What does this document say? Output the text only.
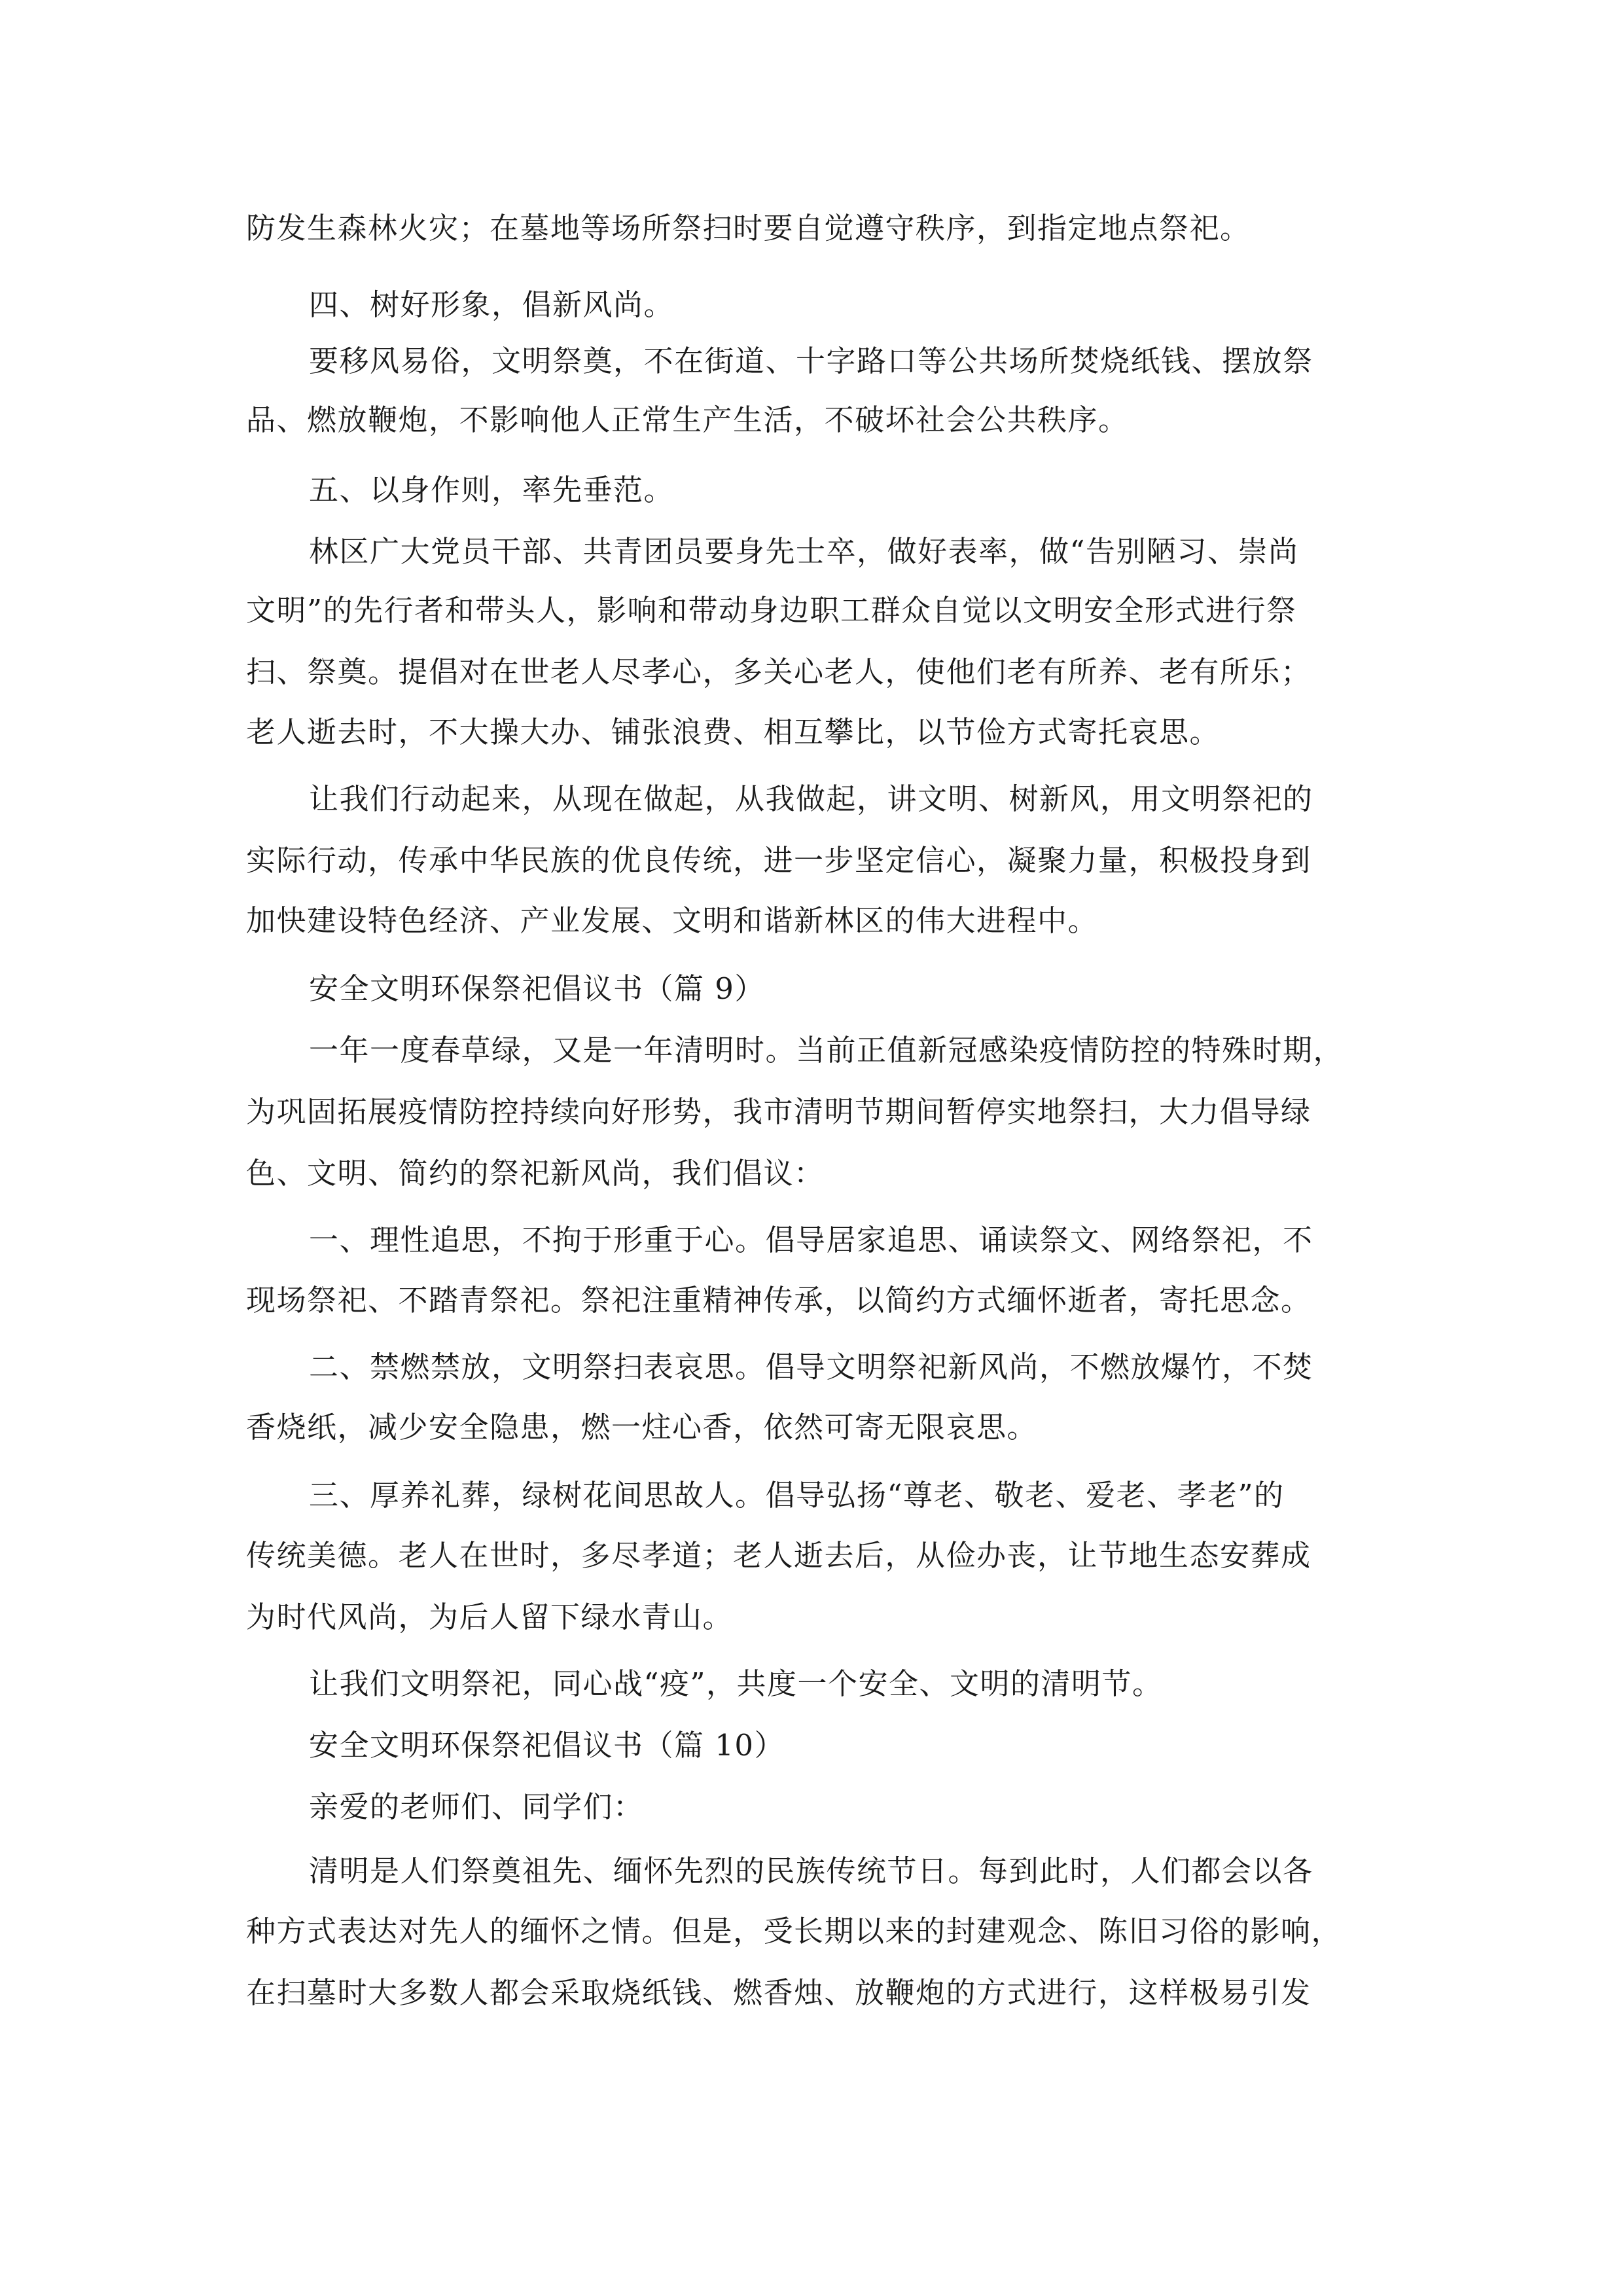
防发生森林火灾；在墓地等场所祭扫时要自觉遵守秩序，到指定地点祭祀。
四、树好形象，倡新风尚。
要移风易俗，文明祭奠，不在街道、十字路口等公共场所焚烧纸钱、摆放祭
品、燃放鞭炮，不影响他人正常生产生活，不破坏社会公共秩序。
五、以身作则，率先垂范。
林区广大党员干部、共青团员要身先士卒，做好表率，做“告别陋习、崇尚
文明”的先行者和带头人，影响和带动身边职工群众自觉以文明安全形式进行祭
扫、祭奠。提倡对在世老人尽孝心，多关心老人，使他们老有所养、老有所乐；
老人逝去时，不大操大办、铺张浪费、相互攀比，以节俭方式寄托哀思。
让我们行动起来，从现在做起，从我做起，讲文明、树新风，用文明祭祀的
实际行动，传承中华民族的优良传统，进一步坚定信心，凝聚力量，积极投身到
加快建设特色经济、产业发展、文明和谐新林区的伟大进程中。
安全文明环保祭祀倡议书（篇 9）
一年一度春草绿，又是一年清明时。当前正值新冠感染疫情防控的特殊时期，
为巩固拓展疫情防控持续向好形势，我市清明节期间暂停实地祭扫，大力倡导绿
色、文明、简约的祭祀新风尚，我们倡议：
一、理性追思，不拘于形重于心。倡导居家追思、诵读祭文、网络祭祀，不
现场祭祀、不踏青祭祀。祭祀注重精神传承，以简约方式缅怀逝者，寄托思念。
二、禁燃禁放，文明祭扫表哀思。倡导文明祭祀新风尚，不燃放爆竹，不焚
香烧纸，减少安全隐患，燃一炷心香，依然可寄无限哀思。
三、厚养礼葬，绿树花间思故人。倡导弘扬“尊老、敬老、爱老、孝老”的
传统美德。老人在世时，多尽孝道；老人逝去后，从俭办丧，让节地生态安葬成
为时代风尚，为后人留下绿水青山。
让我们文明祭祀，同心战“疫”，共度一个安全、文明的清明节。
安全文明环保祭祀倡议书（篇 10）
亲爱的老师们、同学们：
清明是人们祭奠祖先、缅怀先烈的民族传统节日。每到此时，人们都会以各
种方式表达对先人的缅怀之情。但是，受长期以来的封建观念、陈旧习俗的影响，
在扫墓时大多数人都会采取烧纸钱、燃香烛、放鞭炮的方式进行，这样极易引发
